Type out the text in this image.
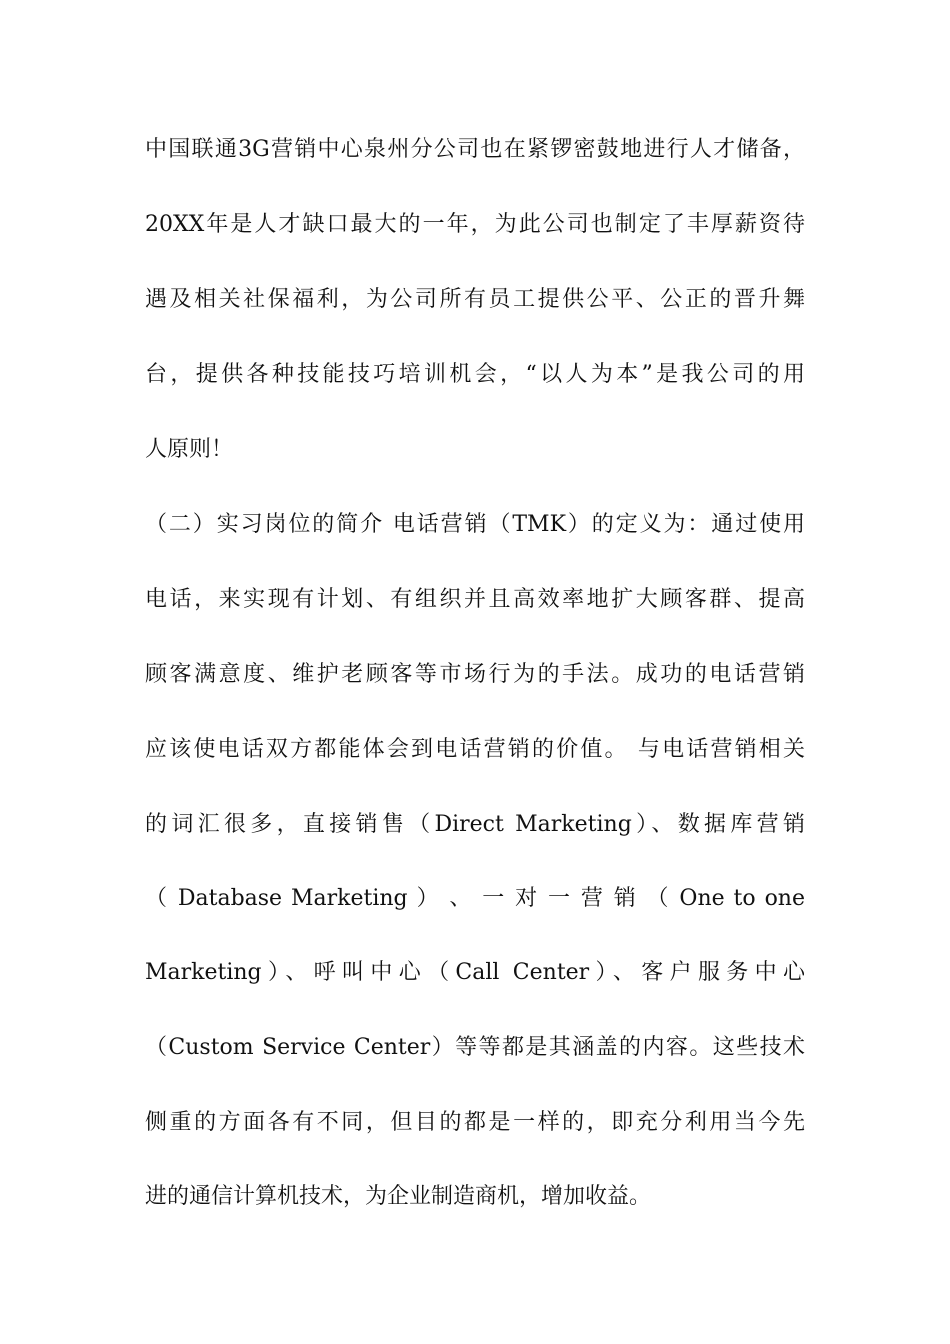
中国联通3G营销中心泉州分公司也在紧锣密鼓地进行人才储备，
20XX年是人才缺口最大的一年，为此公司也制定了丰厚薪资待
遇及相关社保福利，为公司所有员工提供公平、公正的晋升舞
台，提供各种技能技巧培训机会，“以人为本”是我公司的用
人原则！
（二）实习岗位的简介 电话营销（TMK）的定义为：通过使用
电话，来实现有计划、有组织并且高效率地扩大顾客群、提高
顾客满意度、维护老顾客等市场行为的手法。成功的电话营销
应该使电话双方都能体会到电话营销的价值。 与电话营销相关
的词汇很多，直接销售（Direct Marketing）、数据库营销
（ Database Marketing ） 、 一 对 一 营 销 （ One to one
Marketing）、呼叫中心（Call Center）、客户服务中心
（Custom Service Center）等等都是其涵盖的内容。这些技术
侧重的方面各有不同，但目的都是一样的，即充分利用当今先
进的通信计算机技术，为企业制造商机，增加收益。
